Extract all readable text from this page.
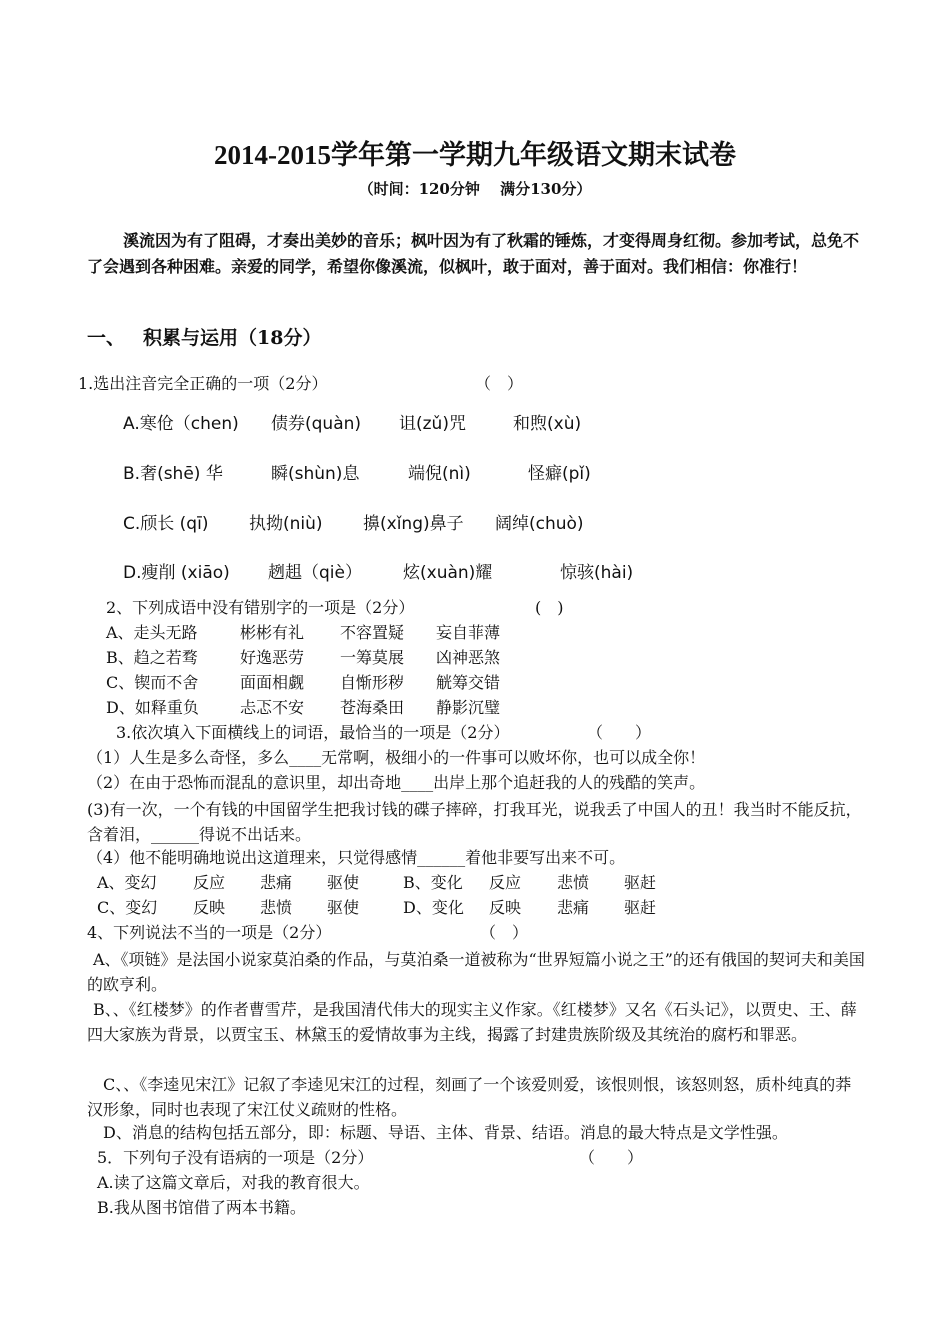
2014-2015学年第一学期九年级语文期末试卷
（时间：120分钟　 满分130分）
溪流因为有了阻碍，才奏出美妙的音乐；枫叶因为有了秋霜的锤炼，才变得周身红彻。参加考试，总免不了会遇到各种困难。亲爱的同学，希望你像溪流，似枫叶，敢于面对，善于面对。我们相信：你准行！
一、 积累与运用（18分）
1.选出注音完全正确的一项（2分）	（　）
A.寒伧（chen) 债券(quàn) 诅(zǔ)咒	和煦(xù)
B.奢(shē) 华	瞬(shùn)息	端倪(nì)	怪癖(pǐ)
C.颀长 (qī) 执拗(niù) 擤(xǐng)鼻子 阔绰(chuò)
D.瘦削 (xiāo) 趔趄（qiè） 炫(xuàn)耀	惊骇(hài)
2、下列成语中没有错别字的一项是（2分）	(　)
A、走头无路	彬彬有礼 不容置疑 妄自菲薄
B、趋之若骛	好逸恶劳 一筹莫展 凶神恶煞
C、锲而不舍	面面相觑 自惭形秽 觥筹交错
D、如释重负	忐忑不安 苍海桑田 静影沉璧
3.依次填入下面横线上的词语，最恰当的一项是（2分）	（　　）
（1）人生是多么奇怪，多么____无常啊，极细小的一件事可以败坏你，也可以成全你！
（2）在由于恐怖而混乱的意识里，却出奇地____出岸上那个追赶我的人的残酷的笑声。
(3)有一次，一个有钱的中国留学生把我讨钱的碟子摔碎，打我耳光，说我丢了中国人的丑！我当时不能反抗，含着泪，______得说不出话来。
（4）他不能明确地说出这道理来，只觉得感情______着他非要写出来不可。
A、变幻 反应 悲痛 驱使	B、变化 反应 悲愤 驱赶
C、变幻 反映 悲愤 驱使	D、变化 反映 悲痛 驱赶
4、下列说法不当的一项是（2分）	（　）
A、《项链》是法国小说家莫泊桑的作品，与莫泊桑一道被称为“世界短篇小说之王”的还有俄国的契诃夫和美国的欧亨利。
B、、《红楼梦》的作者曹雪芹，是我国清代伟大的现实主义作家。《红楼梦》又名《石头记》，以贾史、王、薛四大家族为背景，以贾宝玉、林黛玉的爱情故事为主线，揭露了封建贵族阶级及其统治的腐朽和罪恶。
C、、《李逵见宋江》记叙了李逵见宋江的过程，刻画了一个该爱则爱，该恨则恨，该怒则怒，质朴纯真的莽汉形象，同时也表现了宋江仗义疏财的性格。
D、消息的结构包括五部分，即：标题、导语、主体、背景、结语。消息的最大特点是文学性强。
5．下列句子没有语病的一项是（2分）	（　　）
A.读了这篇文章后，对我的教育很大。
B.我从图书馆借了两本书籍。
